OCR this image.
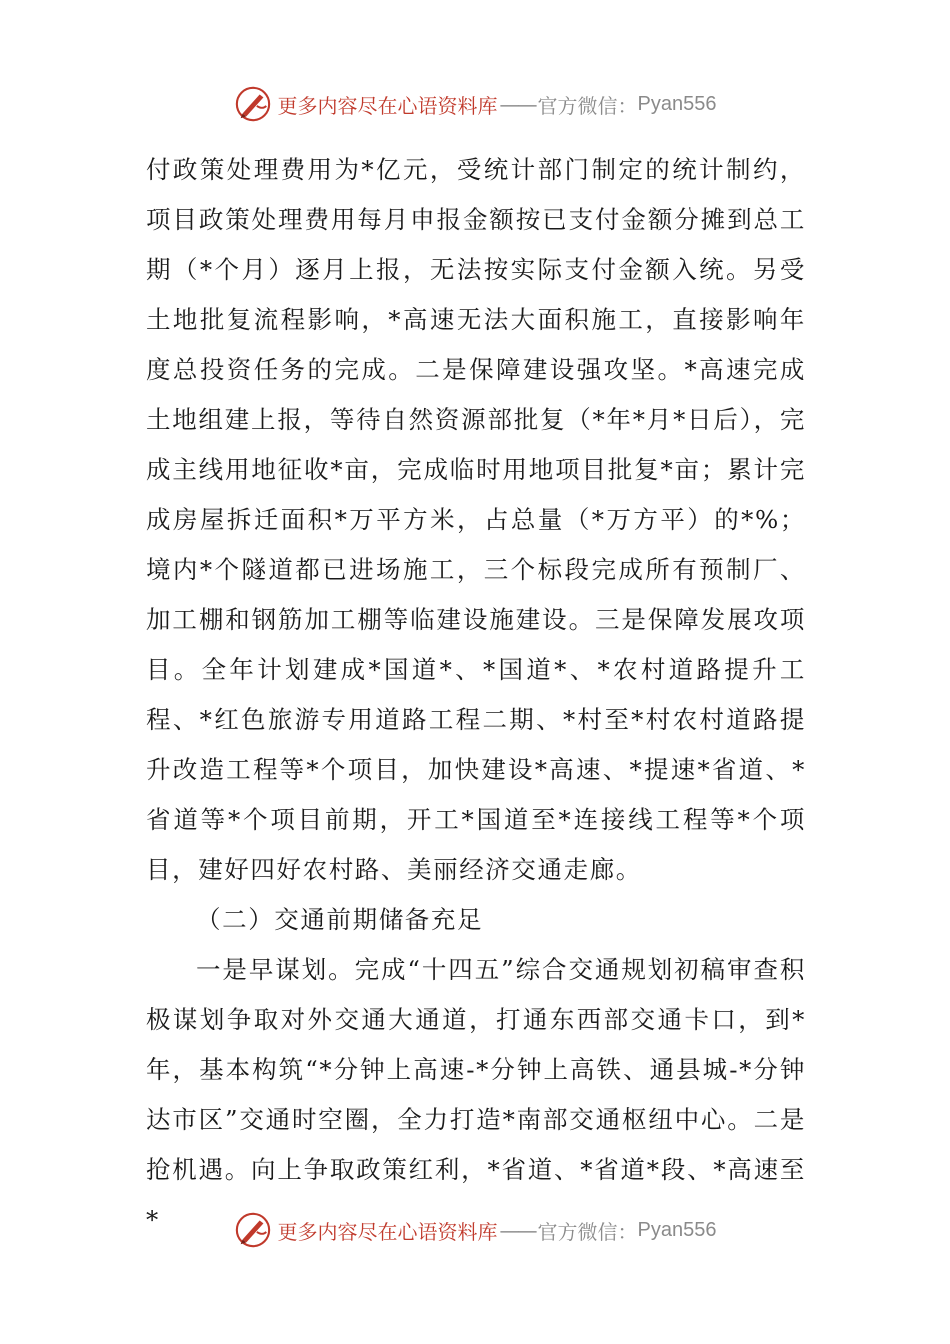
更多内容尽在心语资料库 —— 官方微信： Pyan556

付政策处理费用为*亿元，受统计部门制定的统计制约，项目政策处理费用每月申报金额按已支付金额分摊到总工期（*个月）逐月上报，无法按实际支付金额入统。另受土地批复流程影响，*高速无法大面积施工，直接影响年度总投资任务的完成。二是保障建设强攻坚。*高速完成土地组建上报，等待自然资源部批复（*年*月*日后），完成主线用地征收*亩，完成临时用地项目批复*亩；累计完成房屋拆迁面积*万平方米，占总量（*万方平）的*%；境内*个隧道都已进场施工，三个标段完成所有预制厂、加工棚和钢筋加工棚等临建设施建设。三是保障发展攻项目。全年计划建成*国道*、*国道*、*农村道路提升工程、*红色旅游专用道路工程二期、*村至*村农村道路提升改造工程等*个项目，加快建设*高速、*提速*省道、*省道等*个项目前期，开工*国道至*连接线工程等*个项目，建好四好农村路、美丽经济交通走廊。

（二）交通前期储备充足

一是早谋划。完成“十四五”综合交通规划初稿审查积极谋划争取对外交通大通道，打通东西部交通卡口，到*年，基本构筑“*分钟上高速-*分钟上高铁、通县城-*分钟达市区”交通时空圈，全力打造*南部交通枢纽中心。二是抢机遇。向上争取政策红利，*省道、*省道*段、*高速至*	更多内容尽在心语资料库 —— 官方微信： Pyan556
